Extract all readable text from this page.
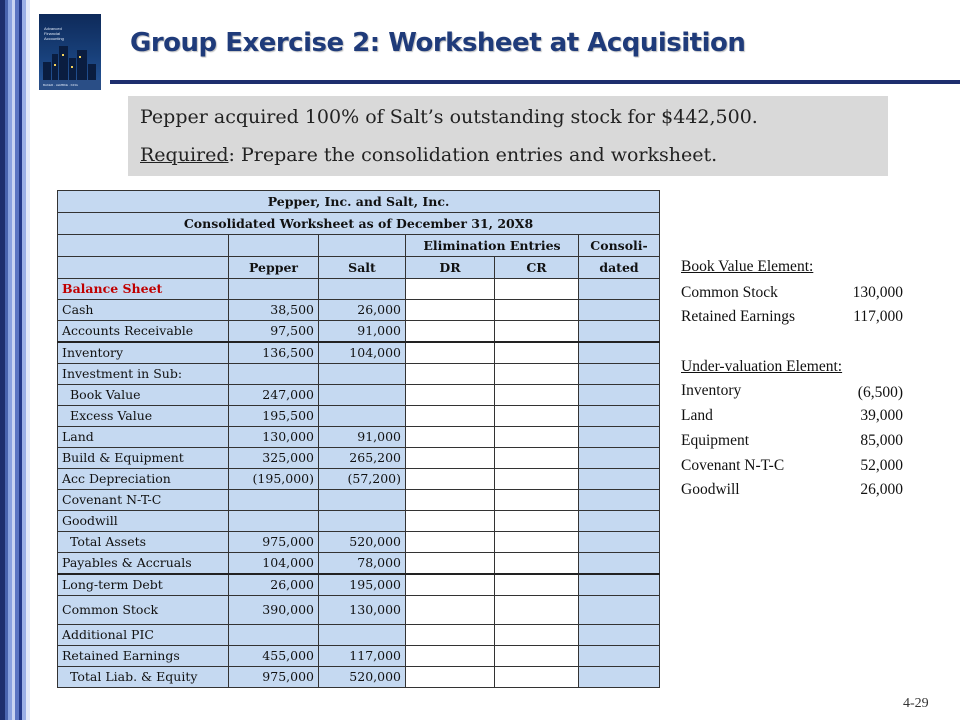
Advanced
Financial
Accounting
BAKER · LEMBKE · KING
Group Exercise 2: Worksheet at Acquisition

Pepper acquired 100% of Salt’s outstanding stock for $442,500.

Required: Prepare the consolidation entries and worksheet.

Pepper, Inc. and Salt, Inc.					
Consolidated Worksheet as of December 31, 20X8					
			Elimination Entries		Consoli-
	Pepper	Salt	DR	CR	dated
Balance Sheet					
Cash	38,500	26,000			
Accounts Receivable	97,500	91,000			
Inventory	136,500	104,000			
Investment in Sub:					
Book Value	247,000				
Excess Value	195,500				
Land	130,000	91,000			
Build & Equipment	325,000	265,200			
Acc Depreciation	(195,000)	(57,200)			
Covenant N-T-C					
Goodwill					
Total Assets	975,000	520,000			
Payables & Accruals	104,000	78,000			
Long-term Debt	26,000	195,000			
Common Stock	390,000	130,000			
Additional PIC					
Retained Earnings	455,000	117,000			
Total Liab. & Equity	975,000	520,000			
Book Value Element:
Common Stock	130,000
Retained Earnings	117,000
Under-valuation Element:
Inventory	(6,500)
Land	39,000
Equipment	85,000
Covenant N-T-C	52,000
Goodwill	26,000
4-29
